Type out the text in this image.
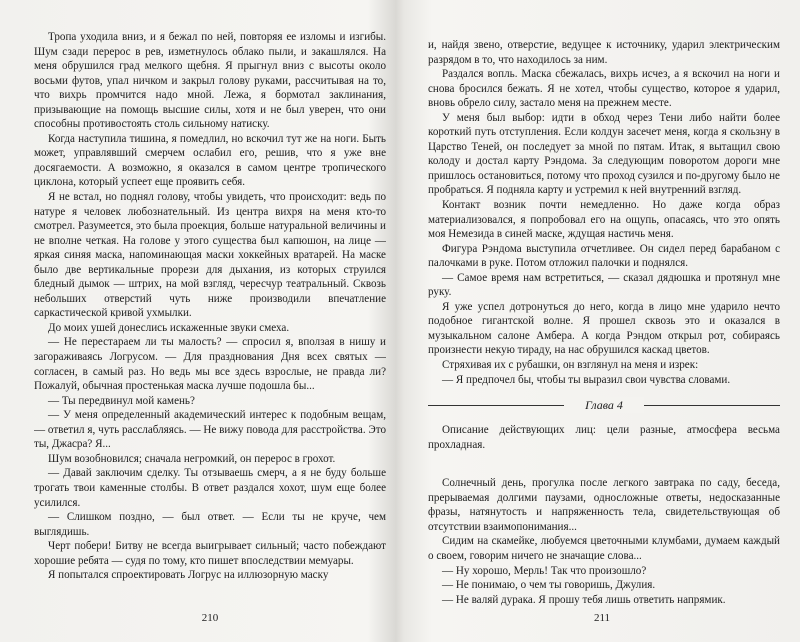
Тропа уходила вниз, и я бежал по ней, повторяя ее изломы и изгибы. Шум сзади перерос в рев, изметнулось облако пыли, и закашлялся. На меня обрушился град мелкого щебня. Я прыгнул вниз с высоты около восьми футов, упал ничком и закрыл голову руками, рассчитывая на то, что вихрь промчится надо мной. Лежа, я бормотал заклинания, призывающие на помощь высшие силы, хотя и не был уверен, что они способны противостоять столь сильному натиску.

Когда наступила тишина, я помедлил, но вскочил тут же на ноги. Быть может, управлявший смерчем ослабил его, решив, что я уже вне досягаемости. А возможно, я оказался в самом центре тропического циклона, который успеет еще проявить себя.

Я не встал, но поднял голову, чтобы увидеть, что происходит: ведь по натуре я человек любознательный. Из центра вихря на меня кто-то смотрел. Разумеется, это была проекция, больше натуральной величины и не вполне четкая. На голове у этого существа был капюшон, на лице — яркая синяя маска, напоминающая маски хоккейных вратарей. На маске было две вертикальные прорези для дыхания, из которых струился бледный дымок — штрих, на мой взгляд, чересчур театральный. Сквозь небольших отверстий чуть ниже производили впечатление саркастической кривой ухмылки.

До моих ушей донеслись искаженные звуки смеха.

— Не перестараем ли ты малость? — спросил я, вползая в нишу и загораживаясь Логрусом. — Для празднования Дня всех святых — согласен, в самый раз. Но ведь мы все здесь взрослые, не правда ли? Пожалуй, обычная простенькая маска лучше подошла бы...

— Ты передвинул мой камень?

— У меня определенный академический интерес к подобным вещам, — ответил я, чуть расслабляясь. — Не вижу повода для расстройства. Это ты, Джасра? Я...

Шум возобновился; сначала негромкий, он перерос в грохот.

— Давай заключим сделку. Ты отзываешь смерч, а я не буду больше трогать твои каменные столбы. В ответ раздался хохот, шум еще более усилился.

— Слишком поздно, — был ответ. — Если ты не круче, чем выглядишь.

Черт побери! Битву не всегда выигрывает сильный; часто побеждают хорошие ребята — судя по тому, кто пишет впоследствии мемуары.

Я попытался спроектировать Логрус на иллюзорную маску

210

и, найдя звено, отверстие, ведущее к источнику, ударил электрическим разрядом в то, что находилось за ним.

Раздался вопль. Маска сбежалась, вихрь исчез, а я вскочил на ноги и снова бросился бежать. Я не хотел, чтобы существо, которое я ударил, вновь обрело силу, застало меня на прежнем месте.

У меня был выбор: идти в обход через Тени либо найти более короткий путь отступления. Если колдун засечет меня, когда я скользну в Царство Теней, он последует за мной по пятам. Итак, я вытащил свою колоду и достал карту Рэндома. За следующим поворотом дороги мне пришлось остановиться, потому что проход сузился и по-другому было не пробраться. Я подняла карту и устремил к ней внутренний взгляд.

Контакт возник почти немедленно. Но даже когда образ материализовался, я попробовал его на ощупь, опасаясь, что это опять моя Немезида в синей маске, ждущая настичь меня.

Фигура Рэндома выступила отчетливее. Он сидел перед барабаном с палочками в руке. Потом отложил палочки и поднялся.

— Самое время нам встретиться, — сказал дядюшка и протянул мне руку.

Я уже успел дотронуться до него, когда в лицо мне ударило нечто подобное гигантской волне. Я прошел сквозь это и оказался в музыкальном салоне Амбера. А когда Рэндом открыл рот, собираясь произнести некую тираду, на нас обрушился каскад цветов.

Стряхивая их с рубашки, он взглянул на меня и изрек:

— Я предпочел бы, чтобы ты выразил свои чувства словами.

Глава 4

Описание действующих лиц: цели разные, атмосфера весьма прохладная.

Солнечный день, прогулка после легкого завтрака по саду, беседа, прерываемая долгими паузами, односложные ответы, недосказанные фразы, натянутость и напряженность тела, свидетельствующая об отсутствии взаимопонимания...

Сидим на скамейке, любуемся цветочными клумбами, думаем каждый о своем, говорим ничего не значащие слова...

— Ну хорошо, Мерль! Так что произошло?

— Не понимаю, о чем ты говоришь, Джулия.

— Не валяй дурака. Я прошу тебя лишь ответить напрямик.

211
